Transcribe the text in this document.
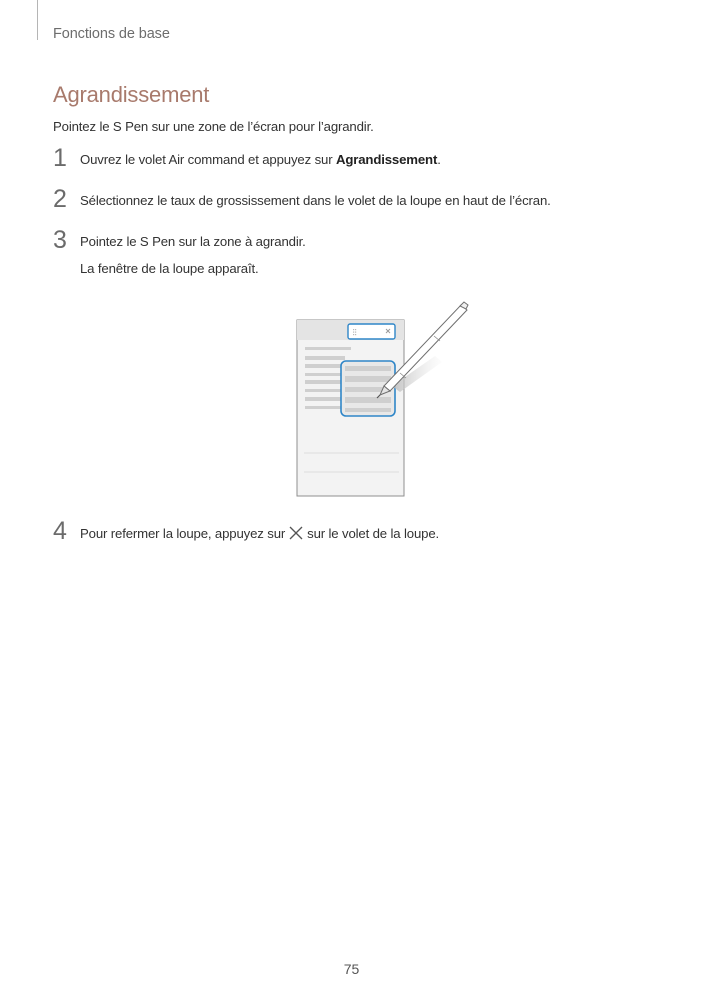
Fonctions de base
Agrandissement
Pointez le S Pen sur une zone de l’écran pour l’agrandir.
1 Ouvrez le volet Air command et appuyez sur Agrandissement.
2 Sélectionnez le taux de grossissement dans le volet de la loupe en haut de l’écran.
3 Pointez le S Pen sur la zone à agrandir.
La fenêtre de la loupe apparaît.
4 Pour refermer la loupe, appuyez sur sur le volet de la loupe.
75
